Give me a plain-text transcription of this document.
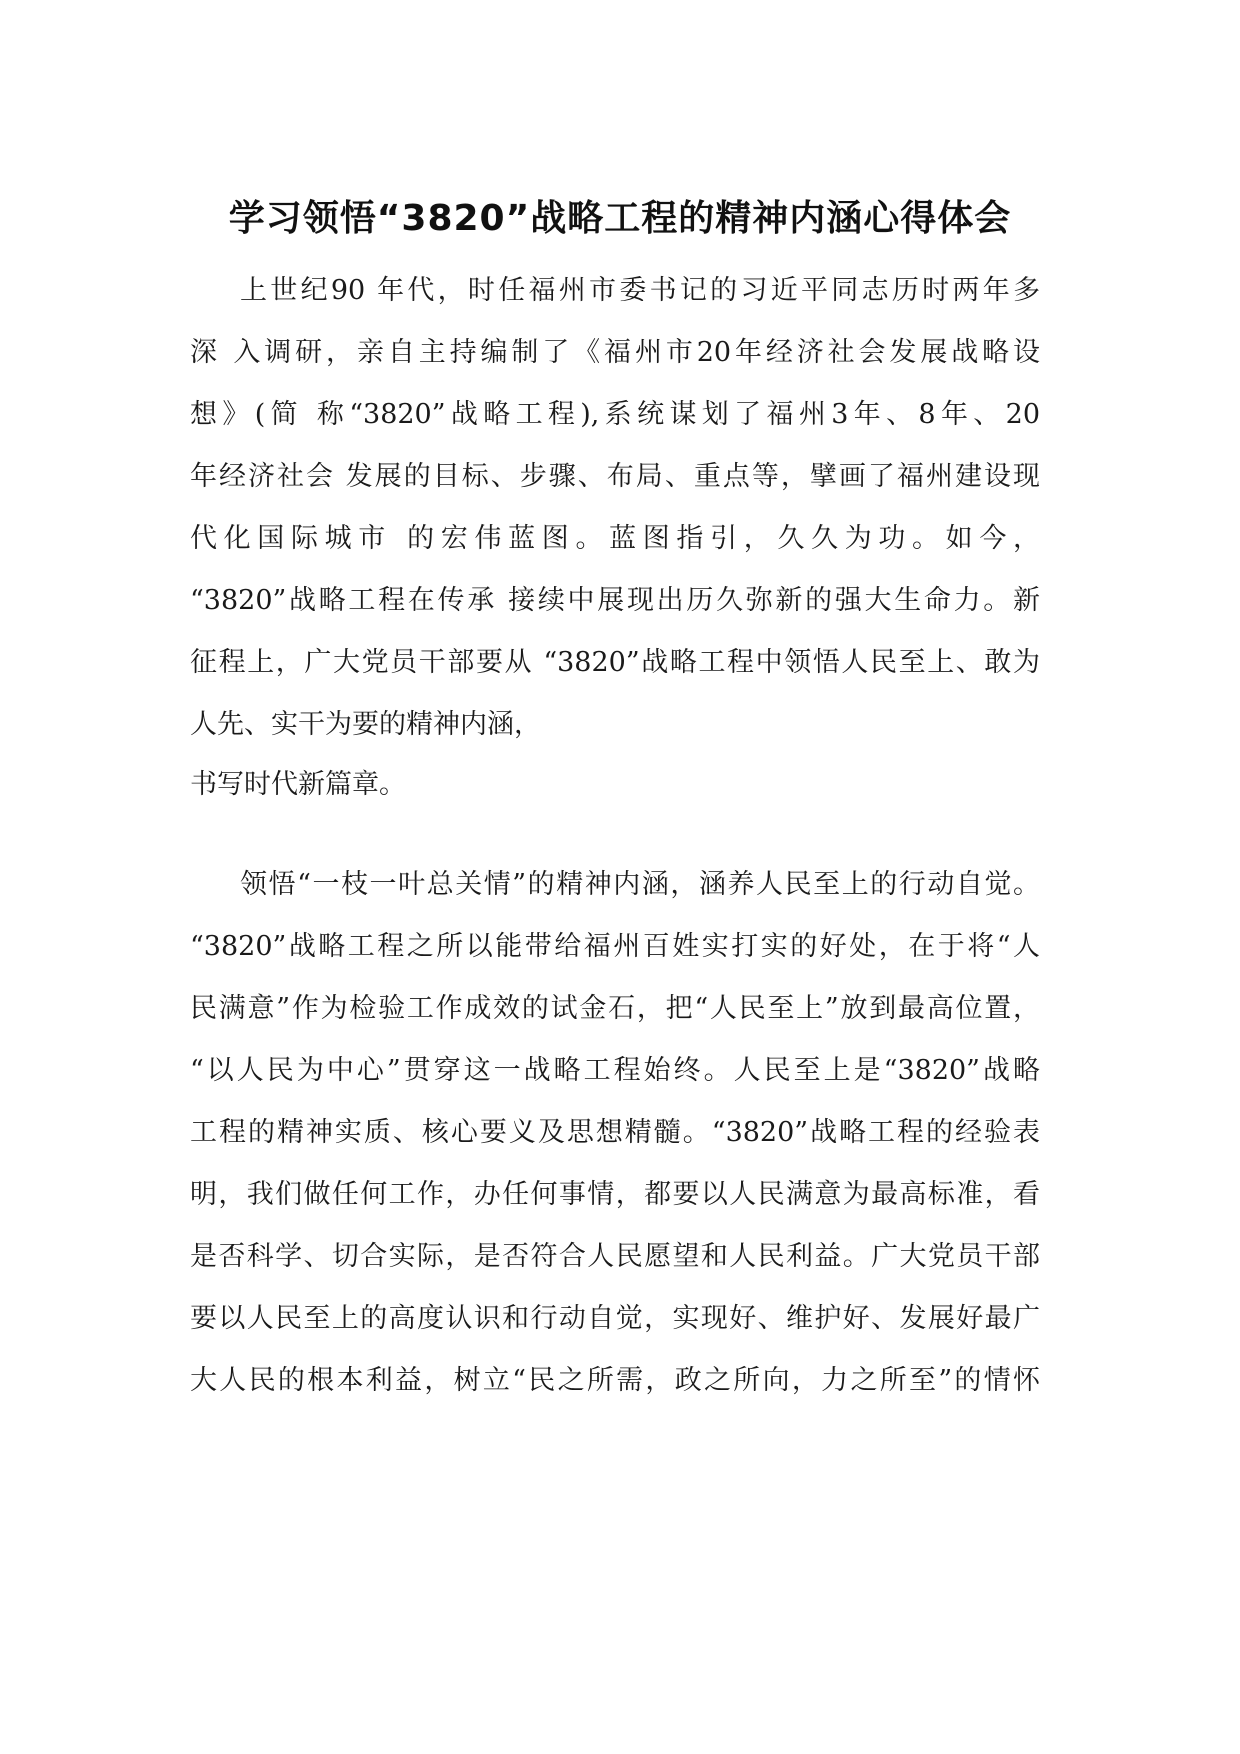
学习领悟“3820”战略工程的精神内涵心得体会
上世纪90 年代，时任福州市委书记的习近平同志历时两年多
深 入调研，亲自主持编制了《福州市20年经济社会发展战略设
想》(简 称“3820”战略工程),系统谋划了福州3年、8年、20
年经济社会 发展的目标、步骤、布局、重点等，擘画了福州建设现
代化国际城市 的宏伟蓝图。蓝图指引，久久为功。如今，
“3820”战略工程在传承 接续中展现出历久弥新的强大生命力。新
征程上，广大党员干部要从 “3820”战略工程中领悟人民至上、敢为
人先、实干为要的精神内涵，
书写时代新篇章。
领悟“一枝一叶总关情”的精神内涵，涵养人民至上的行动自觉。
“3820”战略工程之所以能带给福州百姓实打实的好处，在于将“人
民满意”作为检验工作成效的试金石，把“人民至上”放到最高位置，
“以人民为中心”贯穿这一战略工程始终。人民至上是“3820”战略
工程的精神实质、核心要义及思想精髓。“3820”战略工程的经验表
明，我们做任何工作，办任何事情，都要以人民满意为最高标准，看
是否科学、切合实际，是否符合人民愿望和人民利益。广大党员干部
要以人民至上的高度认识和行动自觉，实现好、维护好、发展好最广
大人民的根本利益，树立“民之所需，政之所向，力之所至”的情怀
